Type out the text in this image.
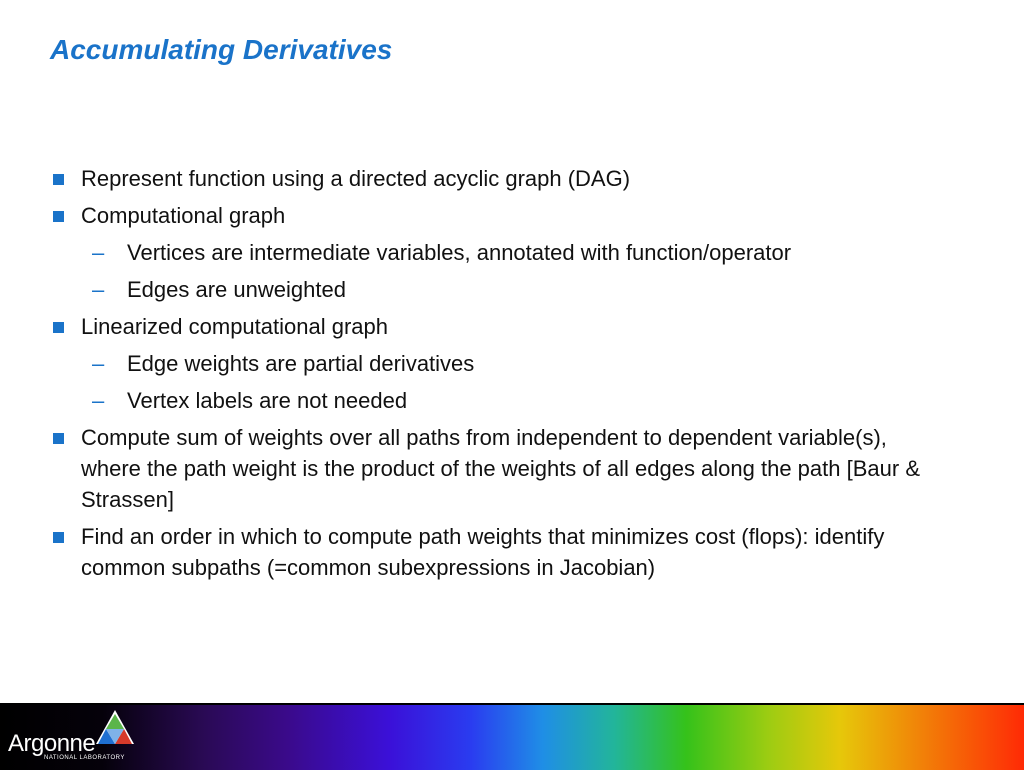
Accumulating Derivatives
Represent function using a directed acyclic graph (DAG)
Computational graph
– Vertices are intermediate variables, annotated with function/operator
– Edges are unweighted
Linearized computational graph
– Edge weights are partial derivatives
– Vertex labels are not needed
Compute sum of weights over all paths from independent to dependent variable(s), where the path weight is the product of the weights of all edges along the path [Baur & Strassen]
Find an order in which to compute path weights that minimizes cost (flops): identify common subpaths (=common subexpressions in Jacobian)
Argonne
NATIONAL LABORATORY
